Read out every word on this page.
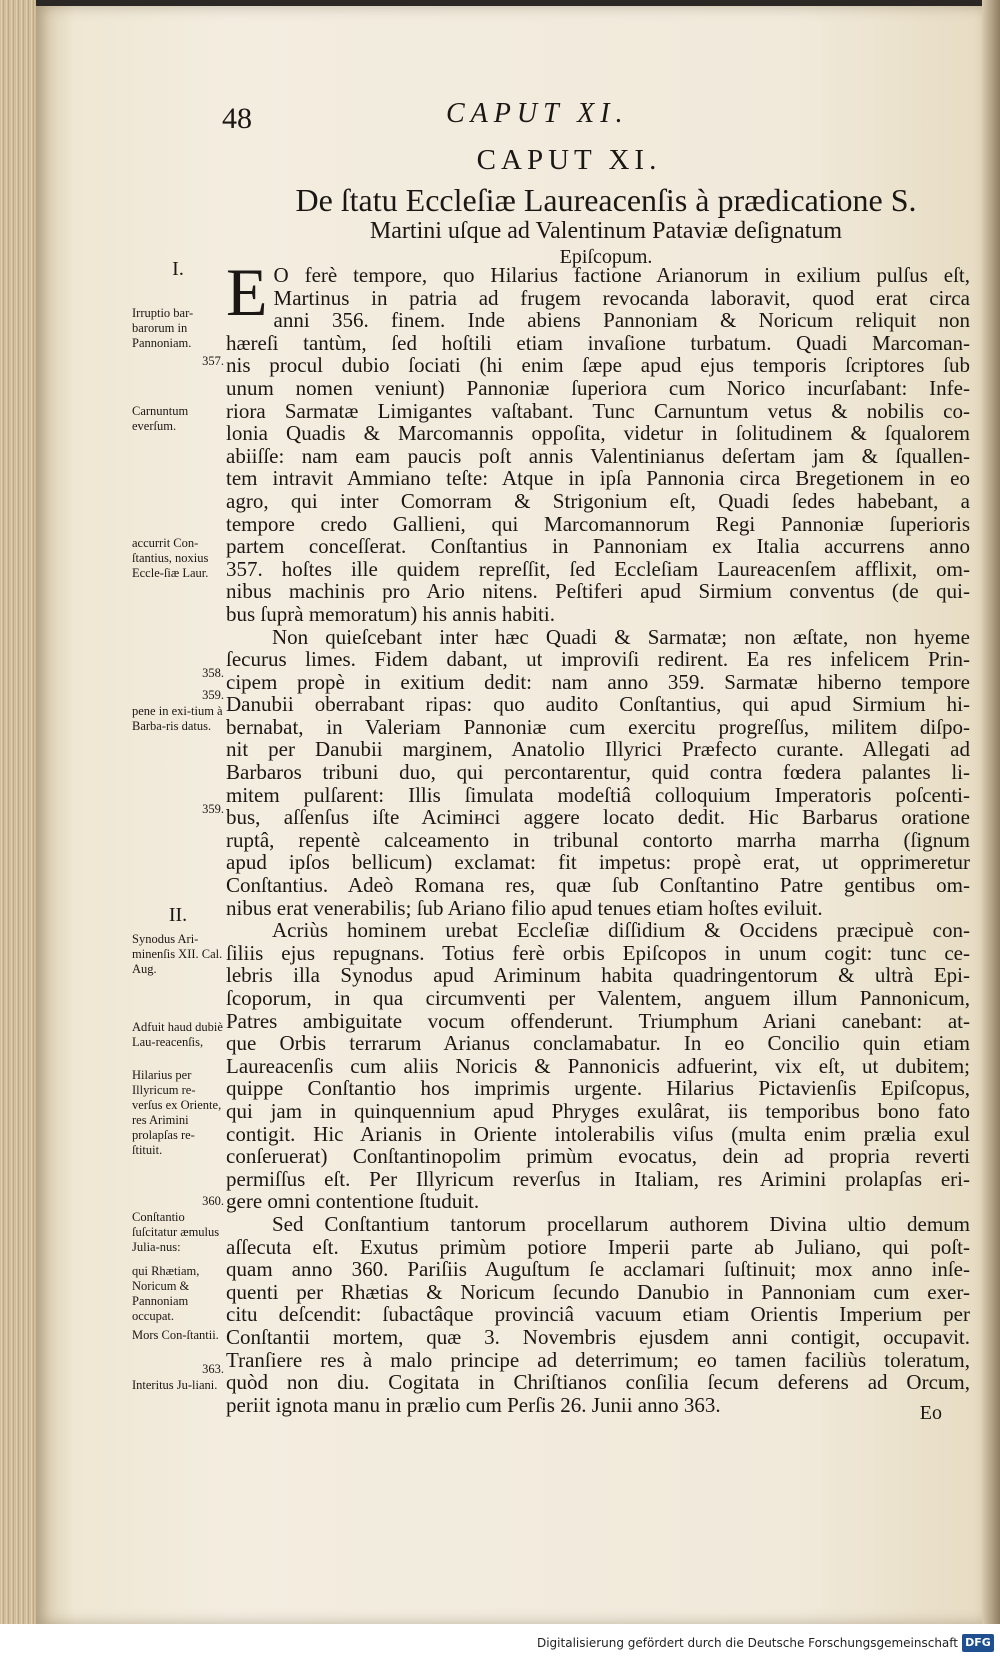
48	CAPUT XI.
CAPUT XI.
De ſtatu Eccleſiæ Laureacenſis à prædicatione S.
Martini uſque ad Valentinum Pataviæ deſignatum
Epiſcopum.
I.
Irruptio bar-barorum in Pannoniam.
357.
Carnuntum everſum.
accurrit Con-ſtantius, noxius Eccle-ſiæ Laur.
358.
359.
pene in exi-tium à Barba-ris datus.
359.
II.
Synodus Ari-minenſis XII. Cal. Aug.
Adfuit haud dubiè Lau-reacenſis,
Hilarius per Illyricum re-verſus ex Oriente, res Arimini prolapſas re-ſtituit.
360.
Conſtantio ſuſcitatur æmulus Julia-nus:
qui Rhætiam, Noricum & Pannoniam occupat.
Mors Con-ſtantii.
363.
Interitus Ju-liani.
E O ferè tempore, quo Hilarius factione Arianorum in exilium pulſus eſt,

Martinus in patria ad frugem revocanda laboravit, quod erat circa

anni 356. finem. Inde abiens Pannoniam & Noricum reliquit non

hæreſi tantùm, ſed hoſtili etiam invaſione turbatum. Quadi Marcoman-

nis procul dubio ſociati (hi enim ſæpe apud ejus temporis ſcriptores ſub

unum nomen veniunt) Pannoniæ ſuperiora cum Norico incurſabant: Infe-

riora Sarmatæ Limigantes vaſtabant. Tunc Carnuntum vetus & nobilis co-

lonia Quadis & Marcomannis oppoſita, videtur in ſolitudinem & ſqualorem

abiiſſe: nam eam paucis poſt annis Valentinianus deſertam jam & ſquallen-

tem intravit Ammiano teſte: Atque in ipſa Pannonia circa Bregetionem in eo

agro, qui inter Comorram & Strigonium eſt, Quadi ſedes habebant, a

tempore credo Gallieni, qui Marcomannorum Regi Pannoniæ ſuperioris

partem conceſſerat. Conſtantius in Pannoniam ex Italia accurrens anno

357. hoſtes ille quidem repreſſit, ſed Eccleſiam Laureacenſem afflixit, om-

nibus machinis pro Ario nitens. Peſtiferi apud Sirmium conventus (de qui-

bus ſuprà memoratum) his annis habiti.

Non quieſcebant inter hæc Quadi & Sarmatæ; non æſtate, non hyeme

ſecurus limes. Fidem dabant, ut improviſi redirent. Ea res infelicem Prin-

cipem propè in exitium dedit: nam anno 359. Sarmatæ hiberno tempore

Danubii oberrabant ripas: quo audito Conſtantius, qui apud Sirmium hi-

bernabat, in Valeriam Pannoniæ cum exercitu progreſſus, militem diſpo-

nit per Danubii marginem, Anatolio Illyrici Præfecto curante. Allegati ad

Barbaros tribuni duo, qui percontarentur, quid contra fœdera palantes li-

mitem pulſarent: Illis ſimulata modeſtiâ colloquium Imperatoris poſcenti-

bus, aſſenſus iſte Acimінci aggere locato dedit. Hic Barbarus oratione

ruptâ, repentè calceamento in tribunal contorto marrha marrha (ſignum

apud ipſos bellicum) exclamat: fit impetus: propè erat, ut opprimeretur

Conſtantius. Adeò Romana res, quæ ſub Conſtantino Patre gentibus om-

nibus erat venerabilis; ſub Ariano filio apud tenues etiam hoſtes eviluit.

Acriùs hominem urebat Eccleſiæ diſſidium & Occidens præcipuè con-

ſiliis ejus repugnans. Totius ferè orbis Epiſcopos in unum cogit: tunc ce-

lebris illa Synodus apud Ariminum habita quadringentorum & ultrà Epi-

ſcoporum, in qua circumventi per Valentem, anguem illum Pannonicum,

Patres ambiguitate vocum offenderunt. Triumphum Ariani canebant: at-

que Orbis terrarum Arianus conclamabatur. In eo Concilio quin etiam

Laureacenſis cum aliis Noricis & Pannonicis adfuerint, vix eſt, ut dubitem;

quippe Conſtantio hos imprimis urgente. Hilarius Pictavienſis Epiſcopus,

qui jam in quinquennium apud Phryges exulârat, iis temporibus bono fato

contigit. Hic Arianis in Oriente intolerabilis viſus (multa enim prælia exul

conſeruerat) Conſtantinopolim primùm evocatus, dein ad propria reverti

permiſſus eſt. Per Illyricum reverſus in Italiam, res Arimini prolapſas eri-

gere omni contentione ſtuduit.

Sed Conſtantium tantorum procellarum authorem Divina ultio demum

aſſecuta eſt. Exutus primùm potiore Imperii parte ab Juliano, qui poſt-

quam anno 360. Pariſiis Auguſtum ſe acclamari ſuſtinuit; mox anno inſe-

quenti per Rhætias & Noricum ſecundo Danubio in Pannoniam cum exer-

citu deſcendit: ſubactâque provinciâ vacuum etiam Orientis Imperium per

Conſtantii mortem, quæ 3. Novembris ejusdem anni contigit, occupavit.

Tranſiere res à malo principe ad deterrimum; eo tamen faciliùs toleratum,

quòd non diu. Cogitata in Chriſtianos conſilia ſecum deferens ad Orcum,

periit ignota manu in prælio cum Perſis 26. Junii anno 363.	Eo
Digitalisierung gefördert durch die Deutsche Forschungsgemeinschaft DFG
